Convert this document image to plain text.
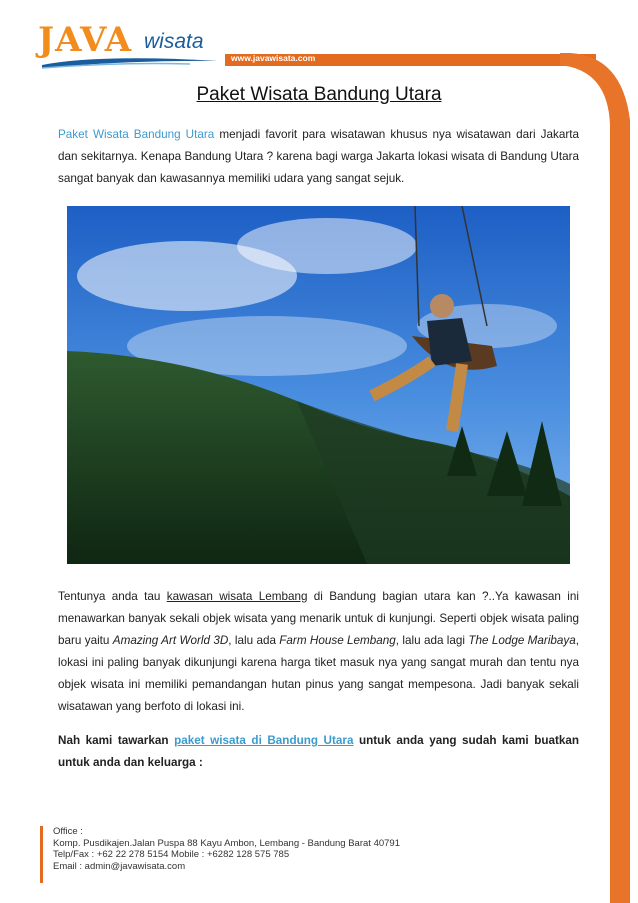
JAVA wisata
www.javawisata.com
Paket Wisata Bandung Utara
Paket Wisata Bandung Utara menjadi favorit para wisatawan khusus nya wisatawan dari Jakarta dan sekitarnya. Kenapa Bandung Utara ? karena bagi warga Jakarta lokasi wisata di Bandung Utara sangat banyak dan kawasannya memiliki udara yang sangat sejuk.
Tentunya anda tau kawasan wisata Lembang di Bandung bagian utara kan ?..Ya kawasan ini menawarkan banyak sekali objek wisata yang menarik untuk di kunjungi. Seperti objek wisata paling baru yaitu Amazing Art World 3D, lalu ada Farm House Lembang, lalu ada lagi The Lodge Maribaya, lokasi ini paling banyak dikunjungi karena harga tiket masuk nya yang sangat murah dan tentu nya objek wisata ini memiliki pemandangan hutan pinus yang sangat mempesona. Jadi banyak sekali wisatawan yang berfoto di lokasi ini.
Nah kami tawarkan paket wisata di Bandung Utara untuk anda yang sudah kami buatkan untuk anda dan keluarga :
Office :
Komp. Pusdikajen.Jalan Puspa 88 Kayu Ambon, Lembang - Bandung Barat 40791
Telp/Fax : +62 22 278 5154 Mobile : +6282 128 575 785
Email : admin@javawisata.com
